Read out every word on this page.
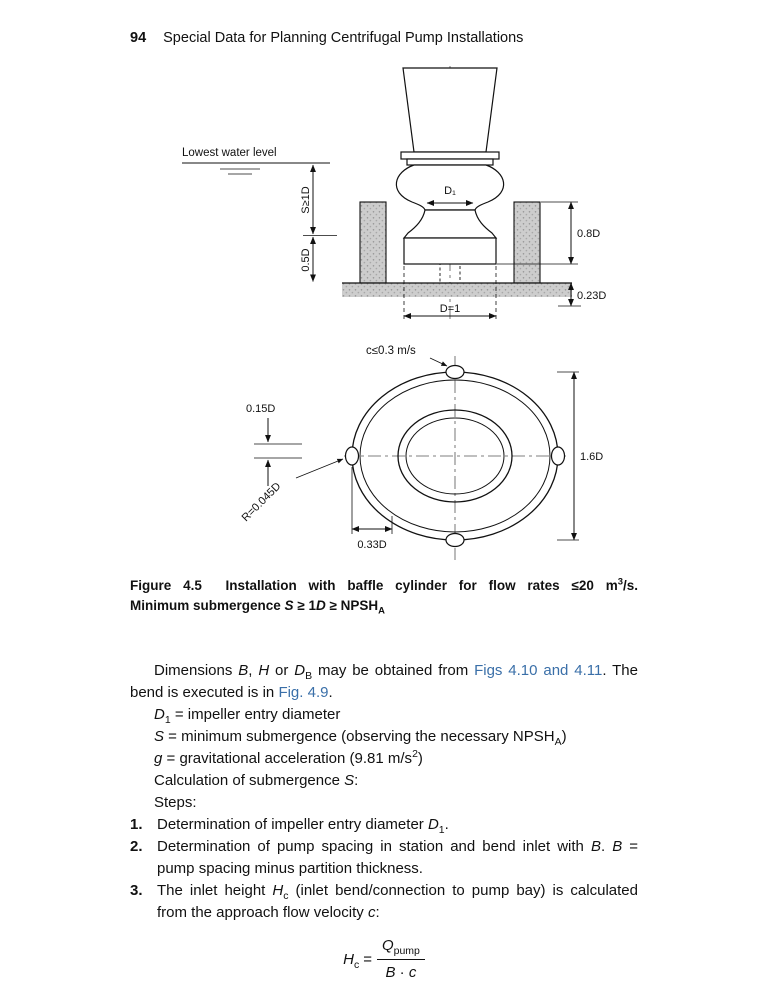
94 Special Data for Planning Centrifugal Pump Installations
Lowest water level
S≥1D
0.5D
D₁
0.8D
0.23D
D=1
c≤0.3 m/s
1.6D
0.15D
R=0.045D
0.33D
Figure 4.5  Installation with baffle cylinder for flow rates ≤20 $m^3/s$.
Minimum submergence $S \ge 1D \ge NPSH_A$

Dimensions B, H or $D_B$ may be obtained from Figs 4.10 and 4.11. The bend is executed is in Fig. 4.9.

$D_1$ = impeller entry diameter
S = minimum submergence (observing the necessary $NPSH_A$)
g = gravitational acceleration (9.81 $m/s^2$)
Calculation of submergence S:
Steps:
1. Determination of impeller entry diameter $D_1$.
2. Determination of pump spacing in station and bend inlet with B. B = pump spacing minus partition thickness.
3. The inlet height $H_c$ (inlet bend/connection to pump bay) is calculated from the approach flow velocity c:
$H_c = \frac{Q_{pump}}{B \cdot c}$
